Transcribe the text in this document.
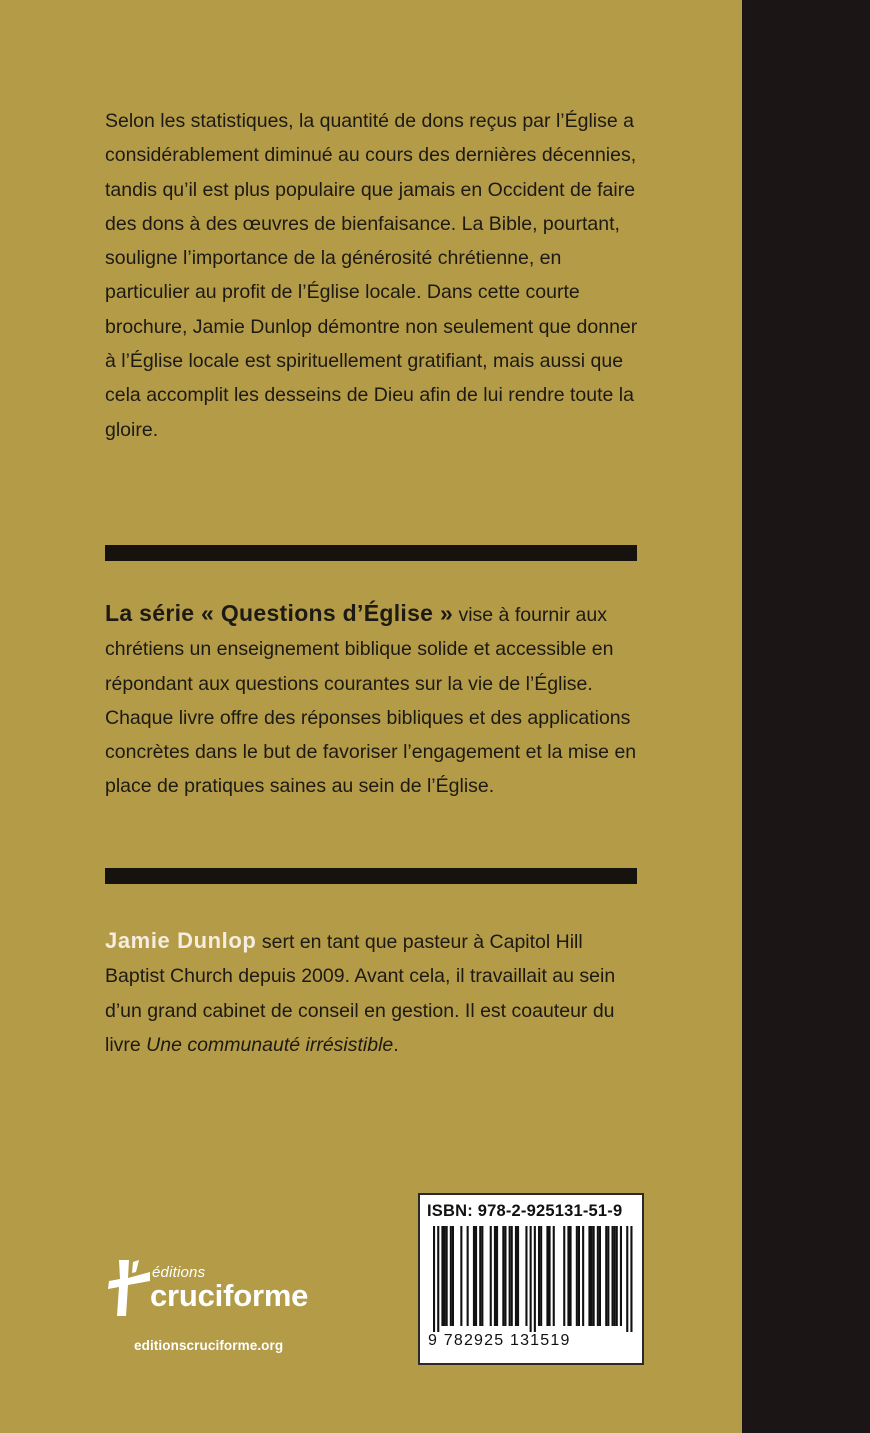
Selon les statistiques, la quantité de dons reçus par l’Église a considérablement diminué au cours des dernières décennies, tandis qu’il est plus populaire que jamais en Occident de faire des dons à des œuvres de bienfaisance. La Bible, pourtant, souligne l’importance de la générosité chrétienne, en particulier au profit de l’Église locale. Dans cette courte brochure, Jamie Dunlop démontre non seulement que donner à l’Église locale est spirituellement gratifiant, mais aussi que cela accomplit les desseins de Dieu afin de lui rendre toute la gloire.

La série « Questions d’Église » vise à fournir aux chrétiens un enseignement biblique solide et accessible en répondant aux questions courantes sur la vie de l’Église. Chaque livre offre des réponses bibliques et des applications concrètes dans le but de favoriser l’engagement et la mise en place de pratiques saines au sein de l’Église.

Jamie Dunlop sert en tant que pasteur à Capitol Hill Baptist Church depuis 2009. Avant cela, il travaillait au sein d’un grand cabinet de conseil en gestion. Il est coauteur du livre Une communauté irrésistible.

éditions
cruciforme
editionscruciforme.org
ISBN: 978-2-925131-51-9
9 782925 131519
